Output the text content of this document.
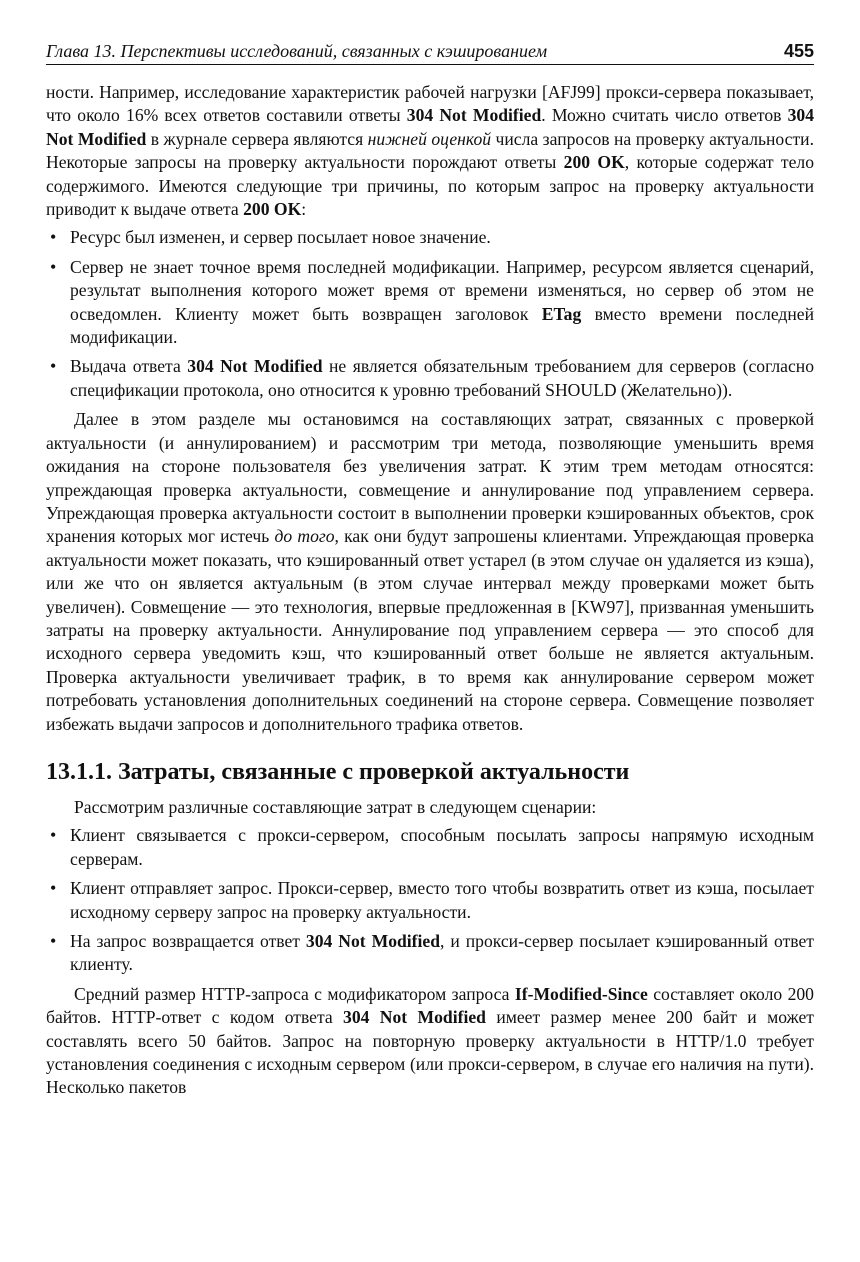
Глава 13. Перспективы исследований, связанных с кэшированием	455

ности. Например, исследование характеристик рабочей нагрузки [AFJ99] прокси-сервера показывает, что около 16% всех ответов составили ответы 304 Not Modified. Можно считать число ответов 304 Not Modified в журнале сервера являются нижней оценкой числа запросов на проверку актуальности. Некоторые запросы на проверку актуальности порождают ответы 200 OK, которые содержат тело содержимого. Имеются следующие три причины, по которым запрос на проверку актуальности приводит к выдаче ответа 200 OK:

• Ресурс был изменен, и сервер посылает новое значение.
• Сервер не знает точное время последней модификации. Например, ресурсом является сценарий, результат выполнения которого может время от времени изменяться, но сервер об этом не осведомлен. Клиенту может быть возвращен заголовок ETag вместо времени последней модификации.
• Выдача ответа 304 Not Modified не является обязательным требованием для серверов (согласно спецификации протокола, оно относится к уровню требований SHOULD (Желательно)).

Далее в этом разделе мы остановимся на составляющих затрат, связанных с проверкой актуальности (и аннулированием) и рассмотрим три метода, позволяющие уменьшить время ожидания на стороне пользователя без увеличения затрат. К этим трем методам относятся: упреждающая проверка актуальности, совмещение и аннулирование под управлением сервера. Упреждающая проверка актуальности состоит в выполнении проверки кэшированных объектов, срок хранения которых мог истечь до того, как они будут запрошены клиентами. Упреждающая проверка актуальности может показать, что кэшированный ответ устарел (в этом случае он удаляется из кэша), или же что он является актуальным (в этом случае интервал между проверками может быть увеличен). Совмещение — это технология, впервые предложенная в [KW97], призванная уменьшить затраты на проверку актуальности. Аннулирование под управлением сервера — это способ для исходного сервера уведомить кэш, что кэшированный ответ больше не является актуальным. Проверка актуальности увеличивает трафик, в то время как аннулирование сервером может потребовать установления дополнительных соединений на стороне сервера. Совмещение позволяет избежать выдачи запросов и дополнительного трафика ответов.

13.1.1. Затраты, связанные с проверкой актуальности

Рассмотрим различные составляющие затрат в следующем сценарии:

• Клиент связывается с прокси-сервером, способным посылать запросы напрямую исходным серверам.
• Клиент отправляет запрос. Прокси-сервер, вместо того чтобы возвратить ответ из кэша, посылает исходному серверу запрос на проверку актуальности.
• На запрос возвращается ответ 304 Not Modified, и прокси-сервер посылает кэшированный ответ клиенту.

Средний размер HTTP-запроса с модификатором запроса If-Modified-Since составляет около 200 байтов. HTTP-ответ с кодом ответа 304 Not Modified имеет размер менее 200 байт и может составлять всего 50 байтов. Запрос на повторную проверку актуальности в HTTP/1.0 требует установления соединения с исходным сервером (или прокси-сервером, в случае его наличия на пути). Несколько пакетов
